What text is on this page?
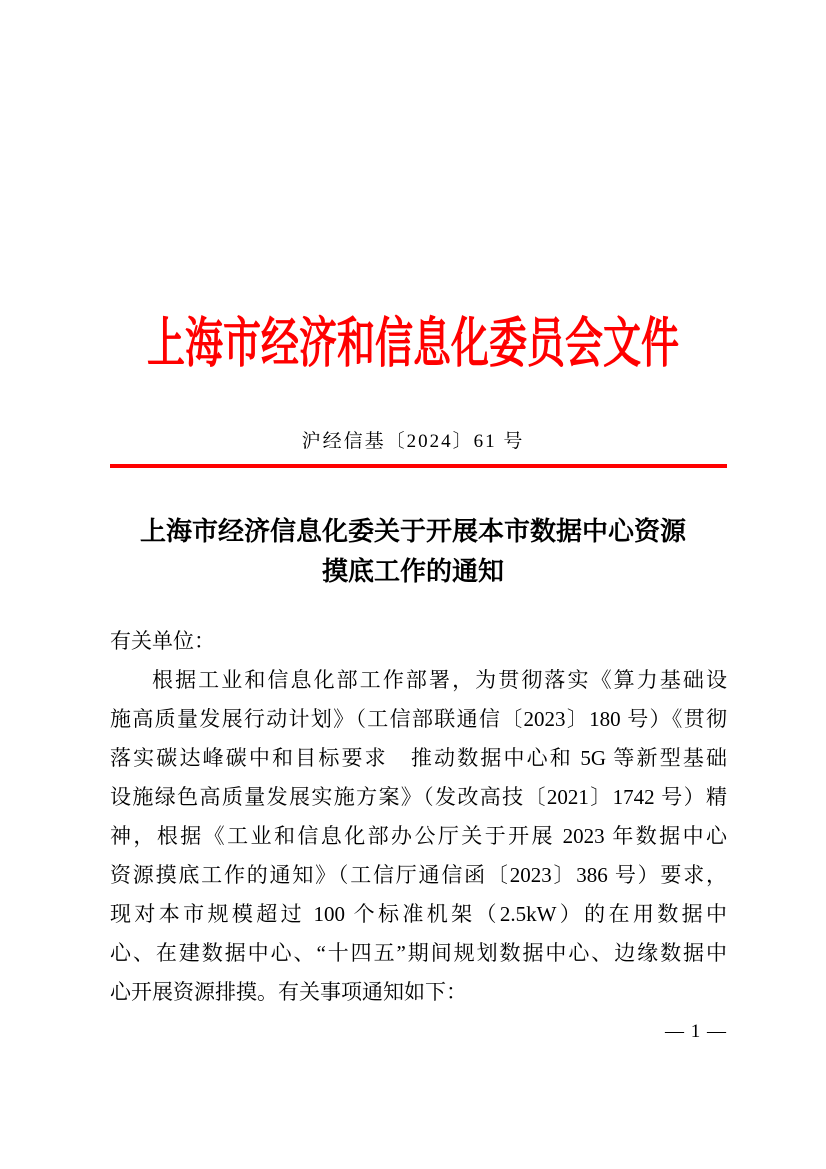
上海市经济和信息化委员会文件
沪经信基〔2024〕61 号
上海市经济信息化委关于开展本市数据中心资源
摸底工作的通知
有关单位：
根据工业和信息化部工作部署，为贯彻落实《算力基础设
施高质量发展行动计划》（工信部联通信〔2023〕180 号）《贯彻
落实碳达峰碳中和目标要求　推动数据中心和 5G 等新型基础
设施绿色高质量发展实施方案》（发改高技〔2021〕1742 号）精
神，根据《工业和信息化部办公厅关于开展 2023 年数据中心
资源摸底工作的通知》（工信厅通信函〔2023〕386 号）要求，
现对本市规模超过 100 个标准机架（2.5kW）的在用数据中
心、在建数据中心、“十四五”期间规划数据中心、边缘数据中
心开展资源排摸。有关事项通知如下：
— 1 —
